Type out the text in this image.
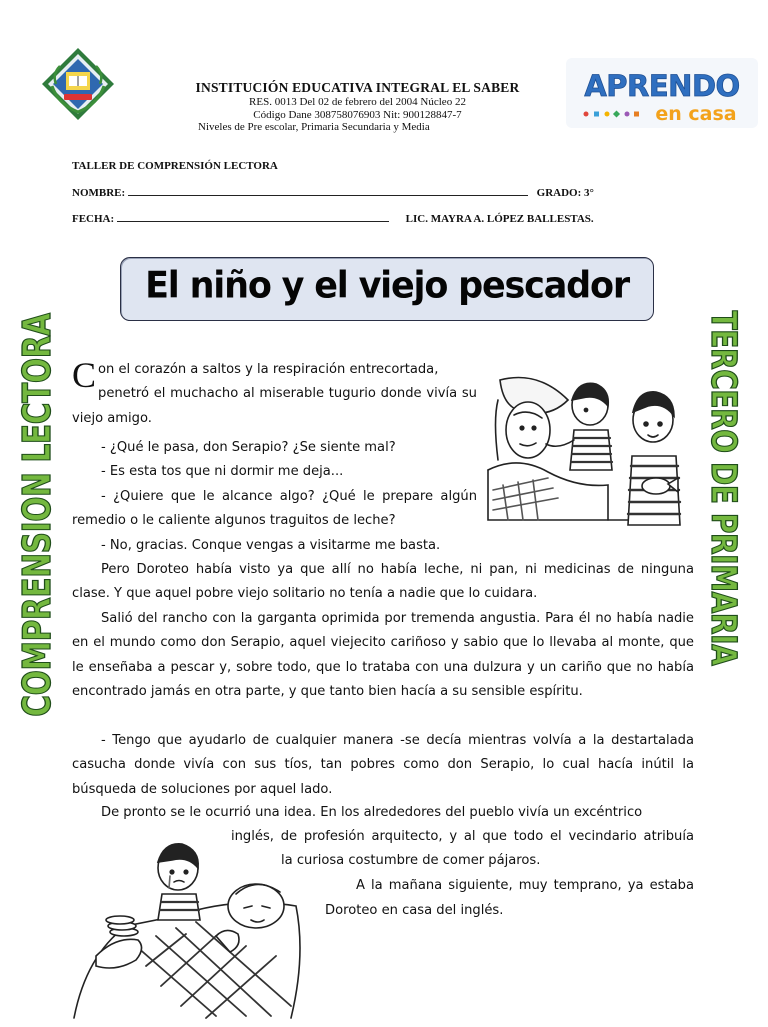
INSTITUCIÓN EDUCATIVA INTEGRAL EL SABER
RES. 0013 Del 02 de febrero del 2004 Núcleo 22
Código Dane 308758076903 Nit: 900128847-7
Niveles de Pre escolar, Primaria Secundaria y Media
APRENDO
en casa
TALLER DE COMPRENSIÓN LECTORA
NOMBRE:	GRADO: 3°
FECHA:	LIC. MAYRA A. LÓPEZ BALLESTAS.
El niño y el viejo pescador
COMPRENSION LECTORA	TERCERO DE PRIMARIA
Con el corazón a saltos y la respiración entrecortada,
penetró el muchacho al miserable tugurio donde vivía su viejo amigo.
- ¿Qué le pasa, don Serapio? ¿Se siente mal?
- Es esta tos que ni dormir me deja...
- ¿Quiere que le alcance algo? ¿Qué le prepare algún
remedio o le caliente algunos traguitos de leche?
- No, gracias. Conque vengas a visitarme me basta.
Pero Doroteo había visto ya que allí no había leche, ni pan, ni medicinas de ninguna clase. Y que aquel pobre viejo solitario no tenía a nadie que lo cuidara.
Salió del rancho con la garganta oprimida por tremenda angustia. Para él no había nadie en el mundo como don Serapio, aquel viejecito cariñoso y sabio que lo llevaba al monte, que le enseñaba a pescar y, sobre todo, que lo trataba con una dulzura y un cariño que no había encontrado jamás en otra parte, y que tanto bien hacía a su sensible espíritu.
- Tengo que ayudarlo de cualquier manera -se decía mientras volvía a la destartalada casucha donde vivía con sus tíos, tan pobres como don Serapio, lo cual hacía inútil la búsqueda de soluciones por aquel lado.
De pronto se le ocurrió una idea. En los alrededores del pueblo vivía un excéntrico
inglés, de profesión arquitecto, y al que todo el vecindario atribuía
la curiosa costumbre de comer pájaros.
A la mañana siguiente, muy temprano, ya estaba
Doroteo en casa del inglés.
